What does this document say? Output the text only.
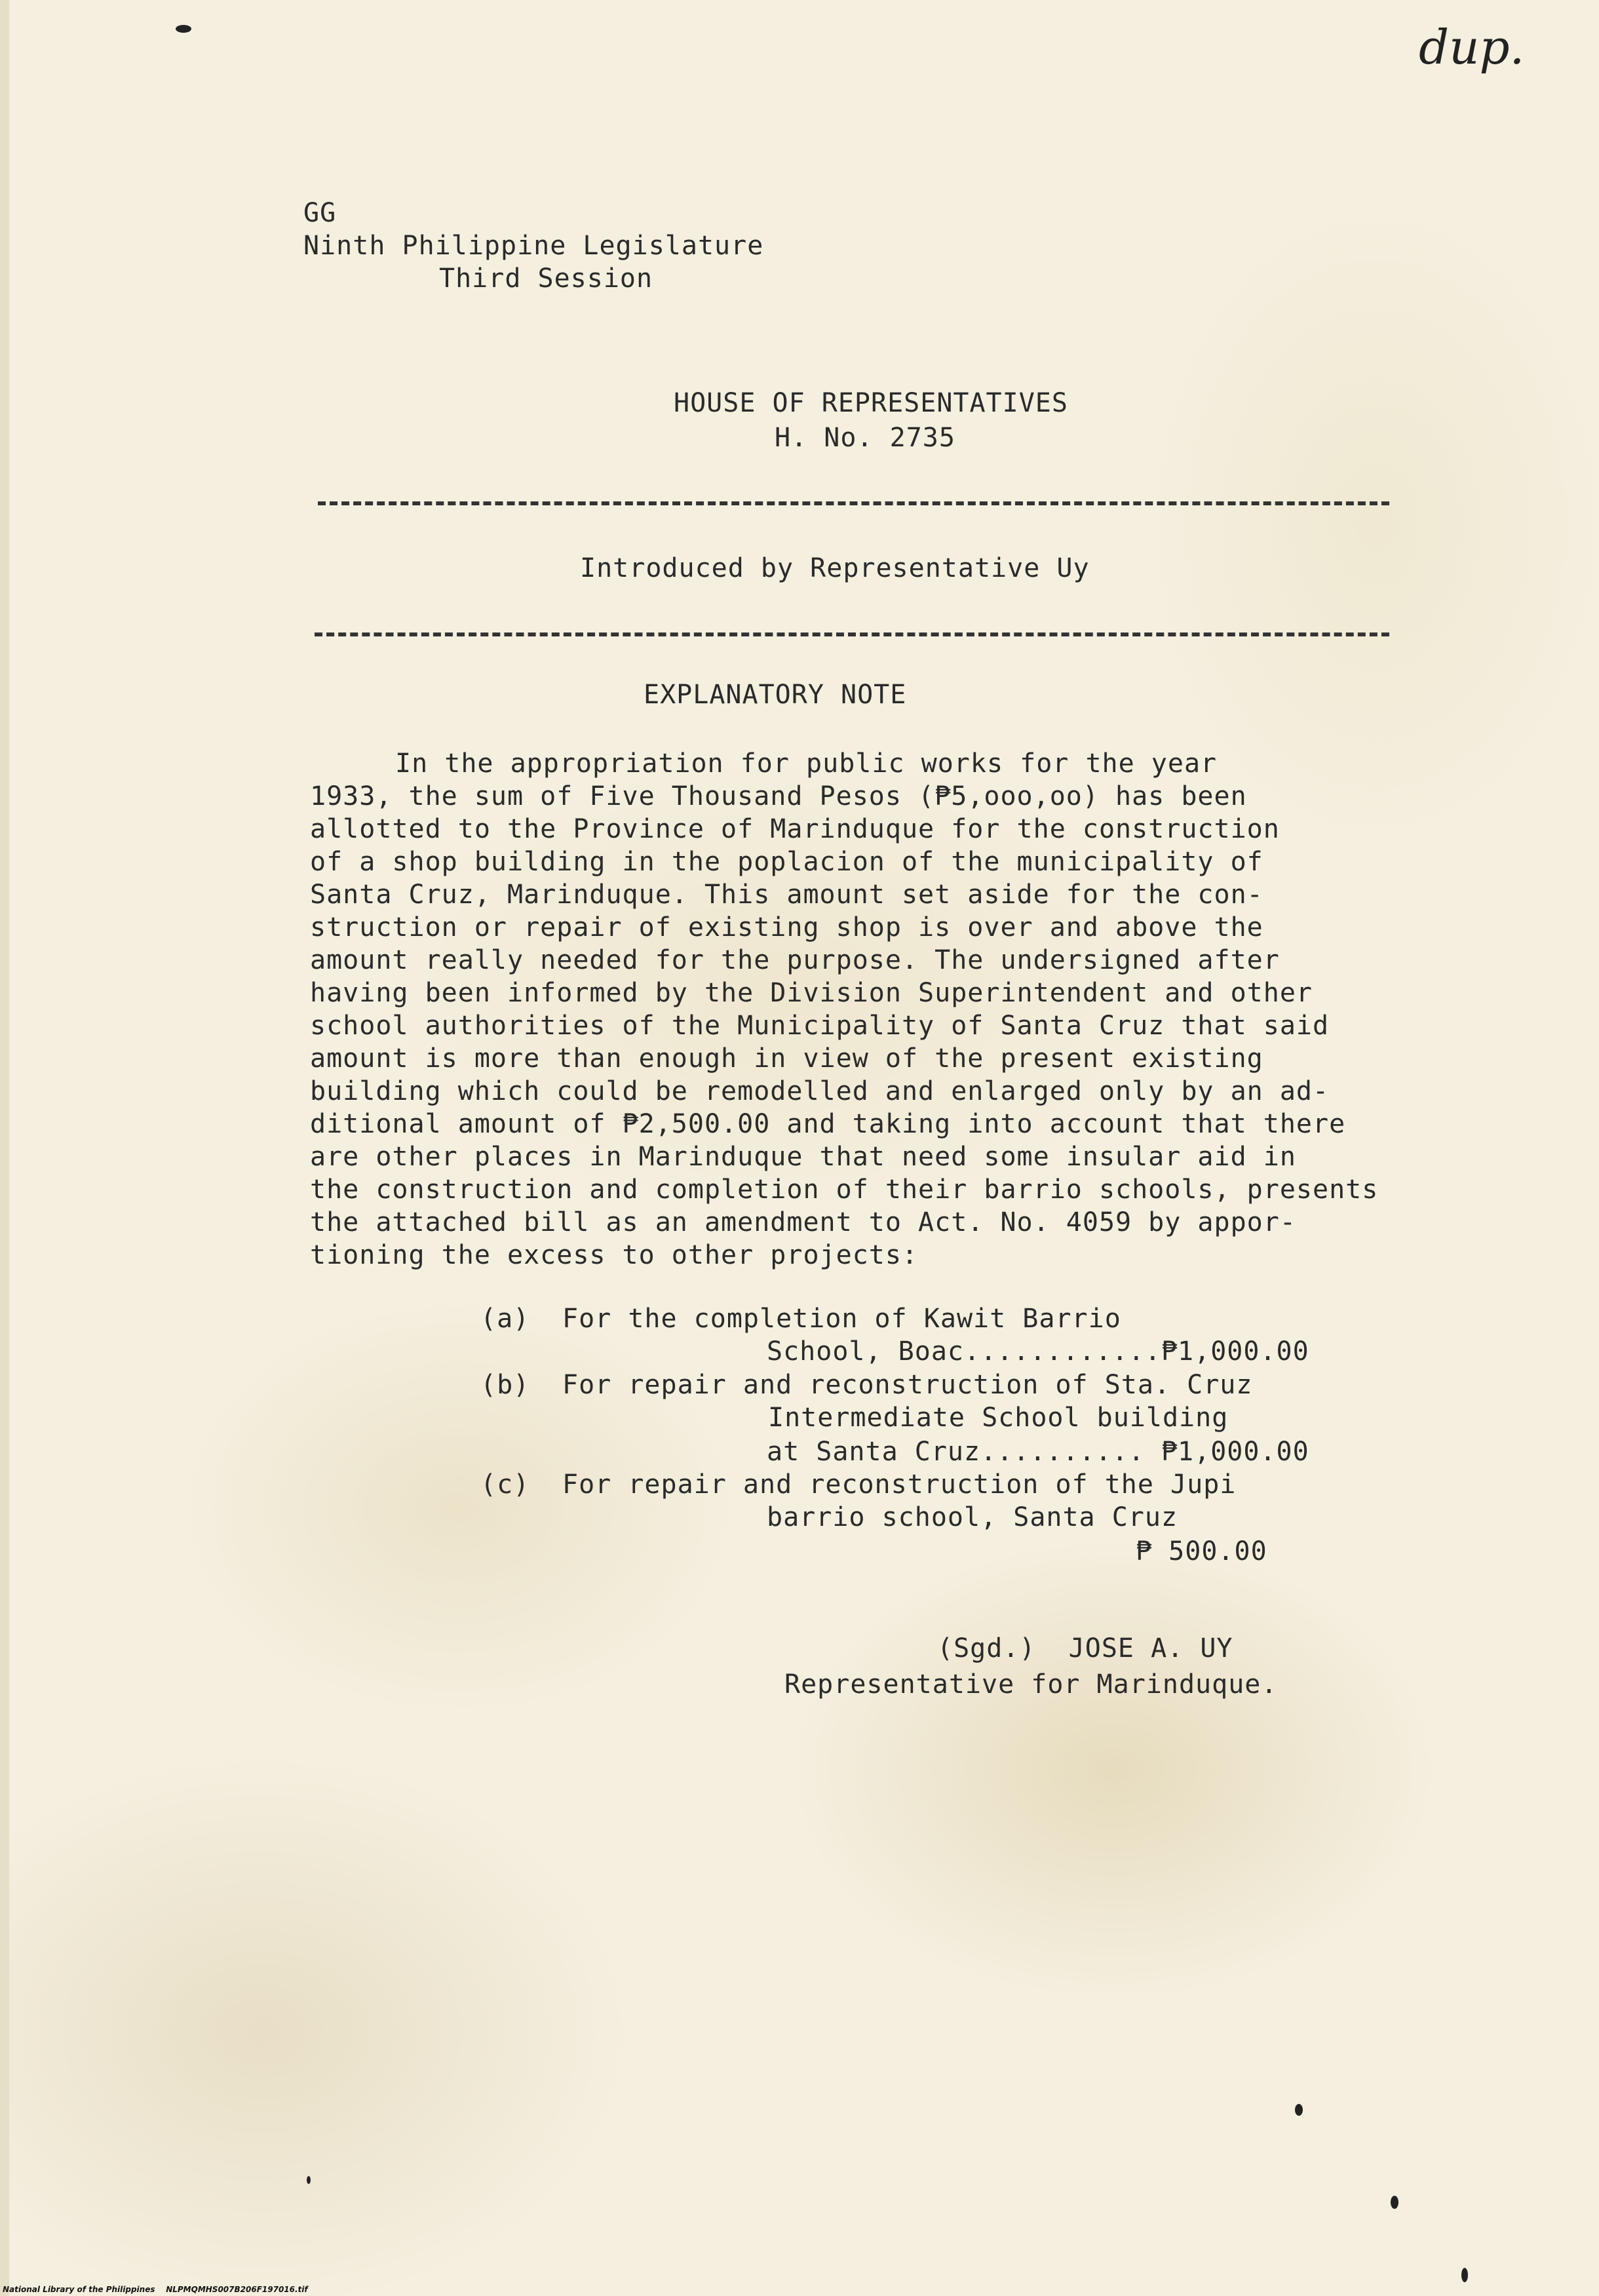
dup.
GG
Ninth Philippine Legislature
Third Session
HOUSE OF REPRESENTATIVES
H. No. 2735
Introduced by Representative Uy
EXPLANATORY NOTE
In the appropriation for public works for the year
1933, the sum of Five Thousand Pesos (₱5,ooo,oo) has been
allotted to the Province of Marinduque for the construction
of a shop building in the poplacion of the municipality of
Santa Cruz, Marinduque. This amount set aside for the con-
struction or repair of existing shop is over and above the
amount really needed for the purpose. The undersigned after
having been informed by the Division Superintendent and other
school authorities of the Municipality of Santa Cruz that said
amount is more than enough in view of the present existing
building which could be remodelled and enlarged only by an ad-
ditional amount of ₱2,500.00 and taking into account that there
are other places in Marinduque that need some insular aid in
the construction and completion of their barrio schools, presents
the attached bill as an amendment to Act. No. 4059 by appor-
tioning the excess to other projects:
(a) For the completion of Kawit Barrio
School, Boac............₱1,000.00
(b) For repair and reconstruction of Sta. Cruz
Intermediate School building
at Santa Cruz.......... ₱1,000.00
(c) For repair and reconstruction of the Jupi
barrio school, Santa Cruz
₱ 500.00
(Sgd.)  JOSE A. UY
Representative for Marinduque.
National Library of the Philippines    NLPMQMHS007B206F197016.tif
